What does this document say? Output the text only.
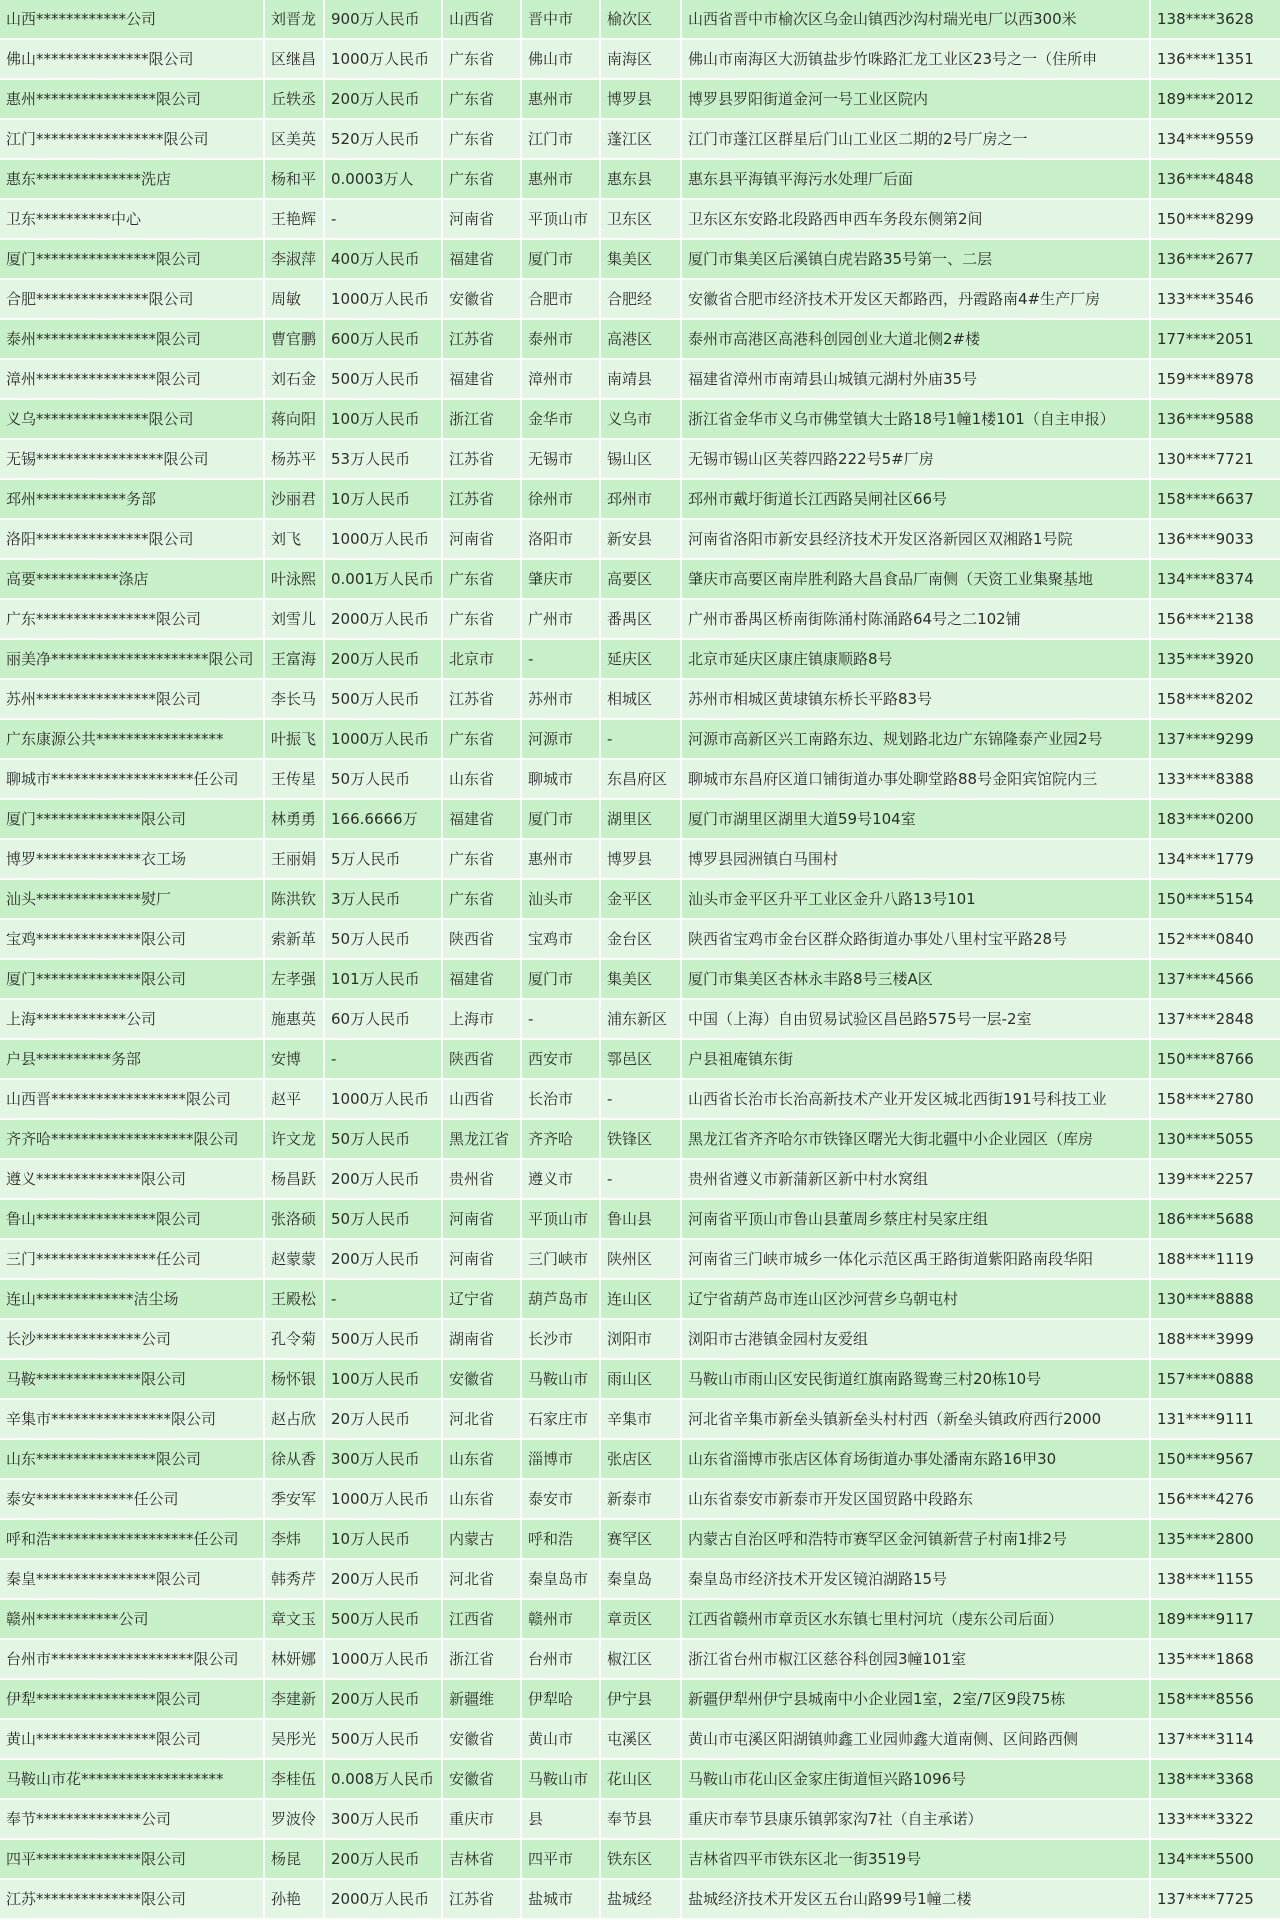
山西************公司	刘晋龙 900万人民币	山西省	晋中市	榆次区	山西省晋中市榆次区乌金山镇西沙沟村瑞光电厂以西300米	138****3628
佛山***************限公司	区继昌 1000万人民币	广东省	佛山市	南海区	佛山市南海区大沥镇盐步竹咮路汇龙工业区23号之一（住所申	136****1351
惠州****************限公司	丘轶丞 200万人民币	广东省	惠州市	博罗县	博罗县罗阳街道金河一号工业区院内	189****2012
江门*****************限公司	区美英 520万人民币	广东省	江门市	蓬江区	江门市蓬江区群星后门山工业区二期的2号厂房之一	134****9559
惠东**************洗店	杨和平 0.0003万人	广东省	惠州市	惠东县	惠东县平海镇平海污水处理厂后面	136****4848
卫东**********中心	王艳辉 -	河南省	平顶山市	卫东区	卫东区东安路北段路西申西车务段东侧第2间	150****8299
厦门****************限公司	李淑萍 400万人民币	福建省	厦门市	集美区	厦门市集美区后溪镇白虎岩路35号第一、二层	136****2677
合肥***************限公司	周敏	1000万人民币	安徽省	合肥市	合肥经	安徽省合肥市经济技术开发区天都路西，丹霞路南4#生产厂房	133****3546
泰州****************限公司	曹官鹏 600万人民币	江苏省	泰州市	高港区	泰州市高港区高港科创园创业大道北侧2#楼	177****2051
漳州****************限公司	刘石金 500万人民币	福建省	漳州市	南靖县	福建省漳州市南靖县山城镇元湖村外庙35号	159****8978
义乌***************限公司	蒋向阳 100万人民币	浙江省	金华市	义乌市	浙江省金华市义乌市佛堂镇大士路18号1幢1楼101（自主申报）	136****9588
无锡*****************限公司	杨苏平 53万人民币	江苏省	无锡市	锡山区	无锡市锡山区芙蓉四路222号5#厂房	130****7721
邳州************务部	沙丽君 10万人民币	江苏省	徐州市	邳州市	邳州市戴圩街道长江西路吴闸社区66号	158****6637
洛阳***************限公司	刘飞	1000万人民币	河南省	洛阳市	新安县	河南省洛阳市新安县经济技术开发区洛新园区双湘路1号院	136****9033
高要***********涤店	叶泳熙 0.001万人民币	广东省	肇庆市	高要区	肇庆市高要区南岸胜利路大昌食品厂南侧（天资工业集聚基地	134****8374
广东****************限公司	刘雪儿 2000万人民币	广东省	广州市	番禺区	广州市番禺区桥南街陈涌村陈涌路64号之二102铺	156****2138
丽美净*********************限公司	王富海 200万人民币	北京市	-	延庆区	北京市延庆区康庄镇康顺路8号	135****3920
苏州****************限公司	李长马 500万人民币	江苏省	苏州市	相城区	苏州市相城区黄埭镇东桥长平路83号	158****8202
广东康源公共*****************	叶振飞 1000万人民币	广东省	河源市	-	河源市高新区兴工南路东边、规划路北边广东锦隆泰产业园2号	137****9299
聊城市*******************任公司	王传星 50万人民币	山东省	聊城市	东昌府区	聊城市东昌府区道口铺街道办事处聊堂路88号金阳宾馆院内三	133****8388
厦门**************限公司	林勇勇 166.6666万	福建省	厦门市	湖里区	厦门市湖里区湖里大道59号104室	183****0200
博罗**************衣工场	王丽娟 5万人民币	广东省	惠州市	博罗县	博罗县园洲镇白马围村	134****1779
汕头**************熨厂	陈洪钦 3万人民币	广东省	汕头市	金平区	汕头市金平区升平工业区金升八路13号101	150****5154
宝鸡**************限公司	索新革 50万人民币	陕西省	宝鸡市	金台区	陕西省宝鸡市金台区群众路街道办事处八里村宝平路28号	152****0840
厦门**************限公司	左孝强 101万人民币	福建省	厦门市	集美区	厦门市集美区杏林永丰路8号三楼A区	137****4566
上海************公司	施惠英 60万人民币	上海市	-	浦东新区	中国（上海）自由贸易试验区昌邑路575号一层-2室	137****2848
户县**********务部	安博	-	陕西省	西安市	鄠邑区	户县祖庵镇东街	150****8766
山西晋******************限公司	赵平	1000万人民币	山西省	长治市	-	山西省长治市长治高新技术产业开发区城北西街191号科技工业	158****2780
齐齐哈*******************限公司	许文龙 50万人民币	黑龙江省	齐齐哈	铁锋区	黑龙江省齐齐哈尔市铁锋区曙光大街北疆中小企业园区（库房	130****5055
遵义**************限公司	杨昌跃 200万人民币	贵州省	遵义市	-	贵州省遵义市新蒲新区新中村水窝组	139****2257
鲁山****************限公司	张洛硕 50万人民币	河南省	平顶山市	鲁山县	河南省平顶山市鲁山县董周乡蔡庄村吴家庄组	186****5688
三门****************任公司	赵蒙蒙 200万人民币	河南省	三门峡市	陕州区	河南省三门峡市城乡一体化示范区禹王路街道紫阳路南段华阳	188****1119
连山*************洁尘场	王殿松 -	辽宁省	葫芦岛市	连山区	辽宁省葫芦岛市连山区沙河营乡乌朝屯村	130****8888
长沙**************公司	孔令菊 500万人民币	湖南省	长沙市	浏阳市	浏阳市古港镇金园村友爱组	188****3999
马鞍**************限公司	杨怀银 100万人民币	安徽省	马鞍山市	雨山区	马鞍山市雨山区安民街道红旗南路鸳鸯三村20栋10号	157****0888
辛集市****************限公司	赵占欣 20万人民币	河北省	石家庄市	辛集市	河北省辛集市新垒头镇新垒头村村西（新垒头镇政府西行2000	131****9111
山东****************限公司	徐从香 300万人民币	山东省	淄博市	张店区	山东省淄博市张店区体育场街道办事处潘南东路16甲30	150****9567
泰安*************任公司	季安军 1000万人民币	山东省	泰安市	新泰市	山东省泰安市新泰市开发区国贸路中段路东	156****4276
呼和浩*******************任公司	李炜	10万人民币	内蒙古	呼和浩	赛罕区	内蒙古自治区呼和浩特市赛罕区金河镇新营子村南1排2号	135****2800
秦皇****************限公司	韩秀芹 200万人民币	河北省	秦皇岛市	秦皇岛	秦皇岛市经济技术开发区镜泊湖路15号	138****1155
赣州***********公司	章文玉 500万人民币	江西省	赣州市	章贡区	江西省赣州市章贡区水东镇七里村河坑（虔东公司后面）	189****9117
台州市*******************限公司	林妍娜 1000万人民币	浙江省	台州市	椒江区	浙江省台州市椒江区慈谷科创园3幢101室	135****1868
伊犁****************限公司	李建新 200万人民币	新疆维	伊犁哈	伊宁县	新疆伊犁州伊宁县城南中小企业园1室，2室/7区9段75栋	158****8556
黄山****************限公司	吴彤光 500万人民币	安徽省	黄山市	屯溪区	黄山市屯溪区阳湖镇帅鑫工业园帅鑫大道南侧、区间路西侧	137****3114
马鞍山市花*******************	李桂伍 0.008万人民币	安徽省	马鞍山市	花山区	马鞍山市花山区金家庄街道恒兴路1096号	138****3368
奉节**************公司	罗波伶 300万人民币	重庆市	县	奉节县	重庆市奉节县康乐镇郭家沟7社（自主承诺）	133****3322
四平**************限公司	杨昆	200万人民币	吉林省	四平市	铁东区	吉林省四平市铁东区北一街3519号	134****5500
江苏**************限公司	孙艳	2000万人民币	江苏省	盐城市	盐城经	盐城经济技术开发区五台山路99号1幢二楼	137****7725
